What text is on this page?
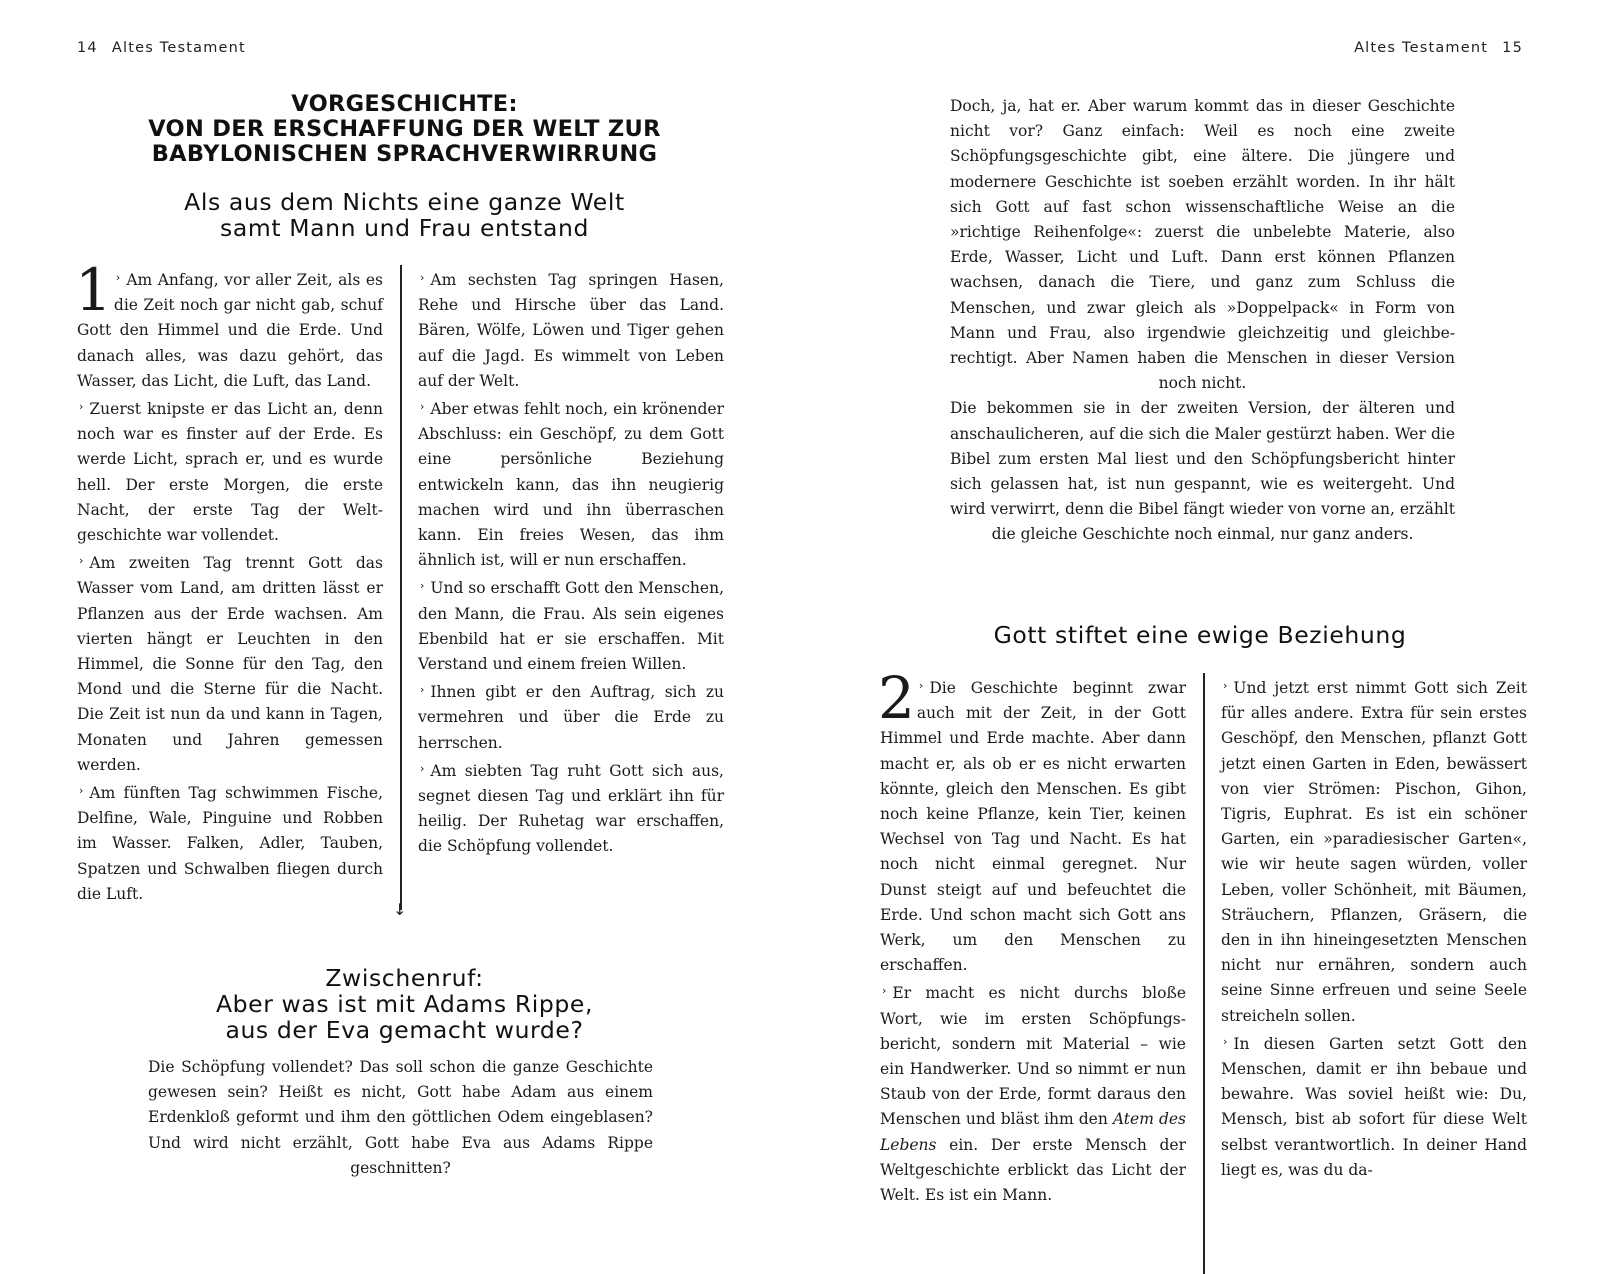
14 Altes Testament	Altes Testament 15
VORGESCHICHTE:
VON DER ERSCHAFFUNG DER WELT ZUR
BABYLONISCHEN SPRACHVERWIRRUNG
Als aus dem Nichts eine ganze Welt
samt Mann und Frau entstand

1 › Am Anfang, vor aller Zeit, als es die Zeit noch gar nicht gab, schuf Gott den Himmel und die Erde. Und danach alles, was dazu gehört, das Wasser, das Licht, die Luft, das Land.

› Zuerst knipste er das Licht an, denn noch war es finster auf der Erde. Es werde Licht, sprach er, und es wurde hell. Der erste Morgen, die erste Nacht, der erste Tag der Weltgeschichte war vollendet.

› Am zweiten Tag trennt Gott das Wasser vom Land, am dritten lässt er Pflanzen aus der Erde wachsen. Am vierten hängt er Leuchten in den Himmel, die Sonne für den Tag, den Mond und die Sterne für die Nacht. Die Zeit ist nun da und kann in Tagen, Monaten und Jahren gemessen werden.

› Am fünften Tag schwimmen Fische, Delfine, Wale, Pinguine und Robben im Wasser. Falken, Adler, Tauben, Spatzen und Schwalben fliegen durch die Luft.

↓

› Am sechsten Tag springen Hasen, Rehe und Hirsche über das Land. Bären, Wölfe, Löwen und Tiger gehen auf die Jagd. Es wimmelt von Leben auf der Welt.

› Aber etwas fehlt noch, ein krönender Abschluss: ein Geschöpf, zu dem Gott eine persönliche Beziehung entwickeln kann, das ihn neugierig machen wird und ihn überraschen kann. Ein freies Wesen, das ihm ähnlich ist, will er nun erschaffen.

› Und so erschafft Gott den Menschen, den Mann, die Frau. Als sein eigenes Ebenbild hat er sie erschaffen. Mit Verstand und einem freien Willen.

› Ihnen gibt er den Auftrag, sich zu vermehren und über die Erde zu herrschen.

› Am siebten Tag ruht Gott sich aus, segnet diesen Tag und erklärt ihn für heilig. Der Ruhetag war erschaffen, die Schöpfung vollendet.

Zwischenruf:
Aber was ist mit Adams Rippe,
aus der Eva gemacht wurde?

Die Schöpfung vollendet? Das soll schon die ganze Geschichte gewesen sein? Heißt es nicht, Gott habe Adam aus einem Erdenkloß geformt und ihm den göttlichen Odem eingeblasen? Und wird nicht erzählt, Gott habe Eva aus Adams Rippe geschnitten?

Doch, ja, hat er. Aber warum kommt das in dieser Geschichte nicht vor? Ganz einfach: Weil es noch eine zweite Schöpfungsgeschichte gibt, eine ältere. Die jüngere und modernere Geschichte ist soeben erzählt worden. In ihr hält sich Gott auf fast schon wissenschaftliche Weise an die »richtige Reihenfolge«: zuerst die unbelebte Materie, also Erde, Wasser, Licht und Luft. Dann erst können Pflanzen wachsen, danach die Tiere, und ganz zum Schluss die Menschen, und zwar gleich als »Doppelpack« in Form von Mann und Frau, also irgendwie gleichzeitig und gleichberechtigt. Aber Namen haben die Menschen in dieser Version noch nicht.

Die bekommen sie in der zweiten Version, der älteren und anschaulicheren, auf die sich die Maler gestürzt haben. Wer die Bibel zum ersten Mal liest und den Schöpfungsbericht hinter sich gelassen hat, ist nun gespannt, wie es weitergeht. Und wird verwirrt, denn die Bibel fängt wieder von vorne an, erzählt die gleiche Geschichte noch einmal, nur ganz anders.

Gott stiftet eine ewige Beziehung

2 › Die Geschichte beginnt zwar auch mit der Zeit, in der Gott Himmel und Erde machte. Aber dann macht er, als ob er es nicht erwarten könnte, gleich den Menschen. Es gibt noch keine Pflanze, kein Tier, keinen Wechsel von Tag und Nacht. Es hat noch nicht einmal geregnet. Nur Dunst steigt auf und befeuchtet die Erde. Und schon macht sich Gott ans Werk, um den Menschen zu erschaffen.

› Er macht es nicht durchs bloße Wort, wie im ersten Schöpfungsbericht, sondern mit Material – wie ein Handwerker. Und so nimmt er nun Staub von der Erde, formt daraus den Menschen und bläst ihm den Atem des Lebens ein. Der erste Mensch der Weltgeschichte erblickt das Licht der Welt. Es ist ein Mann.

› Und jetzt erst nimmt Gott sich Zeit für alles andere. Extra für sein erstes Geschöpf, den Menschen, pflanzt Gott jetzt einen Garten in Eden, bewässert von vier Strömen: Pischon, Gihon, Tigris, Euphrat. Es ist ein schöner Garten, ein »paradiesischer Garten«, wie wir heute sagen würden, voller Leben, voller Schönheit, mit Bäumen, Sträuchern, Pflanzen, Gräsern, die den in ihn hineingesetzten Menschen nicht nur ernähren, sondern auch seine Sinne erfreuen und seine Seele streicheln sollen.

› In diesen Garten setzt Gott den Menschen, damit er ihn bebaue und bewahre. Was soviel heißt wie: Du, Mensch, bist ab sofort für diese Welt selbst verantwortlich. In deiner Hand liegt es, was du da-
